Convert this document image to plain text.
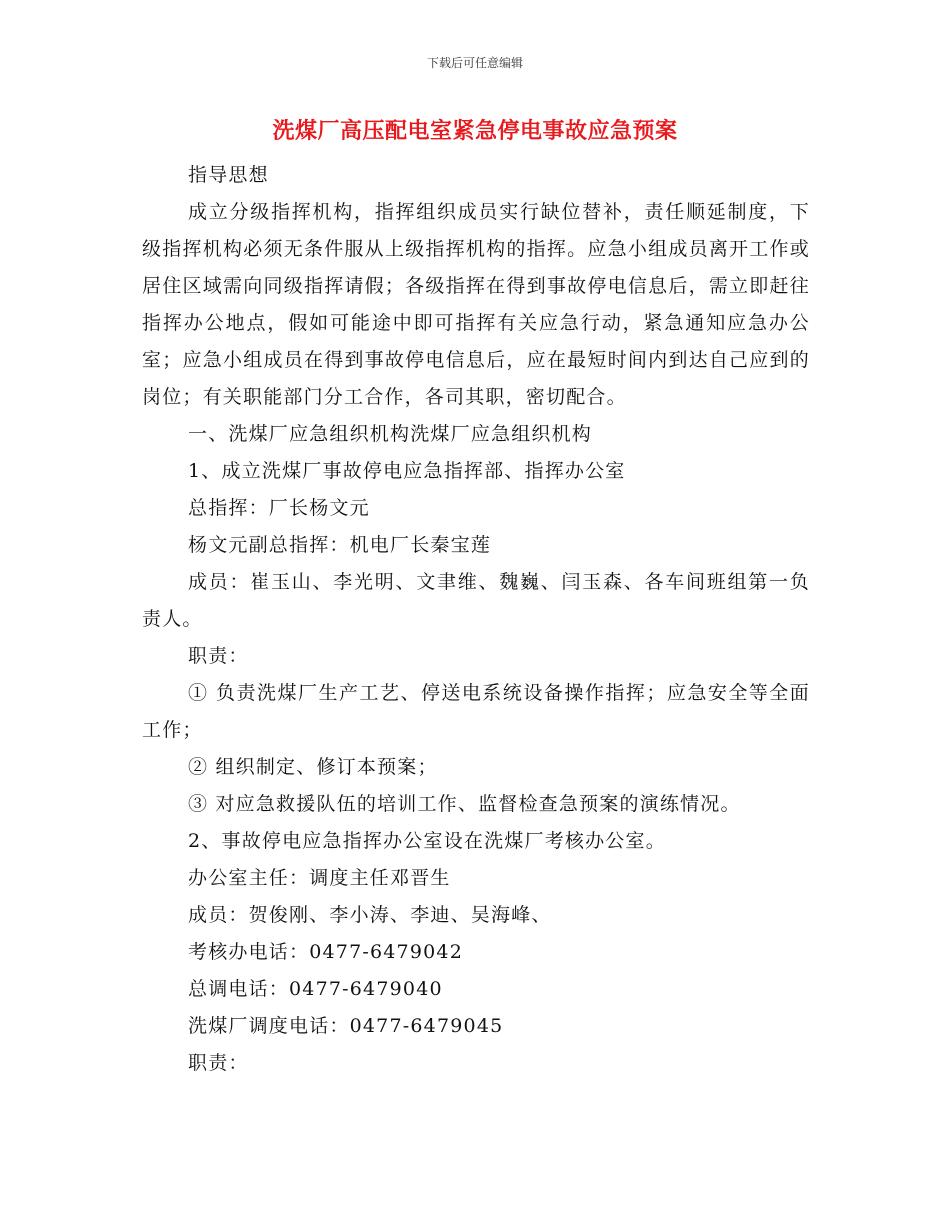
下载后可任意编辑
洗煤厂高压配电室紧急停电事故应急预案

指导思想

成立分级指挥机构，指挥组织成员实行缺位替补，责任顺延制度，下级指挥机构必须无条件服从上级指挥机构的指挥。应急小组成员离开工作或居住区域需向同级指挥请假；各级指挥在得到事故停电信息后，需立即赶往指挥办公地点，假如可能途中即可指挥有关应急行动，紧急通知应急办公室；应急小组成员在得到事故停电信息后，应在最短时间内到达自己应到的岗位；有关职能部门分工合作，各司其职，密切配合。

一、洗煤厂应急组织机构洗煤厂应急组织机构

1、成立洗煤厂事故停电应急指挥部、指挥办公室

总指挥：厂长杨文元

杨文元副总指挥：机电厂长秦宝莲

成员：崔玉山、李光明、文聿维、魏巍、闫玉森、各车间班组第一负责人。

职责：

① 负责洗煤厂生产工艺、停送电系统设备操作指挥；应急安全等全面工作；

② 组织制定、修订本预案；

③ 对应急救援队伍的培训工作、监督检查急预案的演练情况。

2、事故停电应急指挥办公室设在洗煤厂考核办公室。

办公室主任：调度主任邓晋生

成员：贺俊刚、李小涛、李迪、吴海峰、

考核办电话：0477-6479042

总调电话：0477-6479040

洗煤厂调度电话：0477-6479045

职责：
